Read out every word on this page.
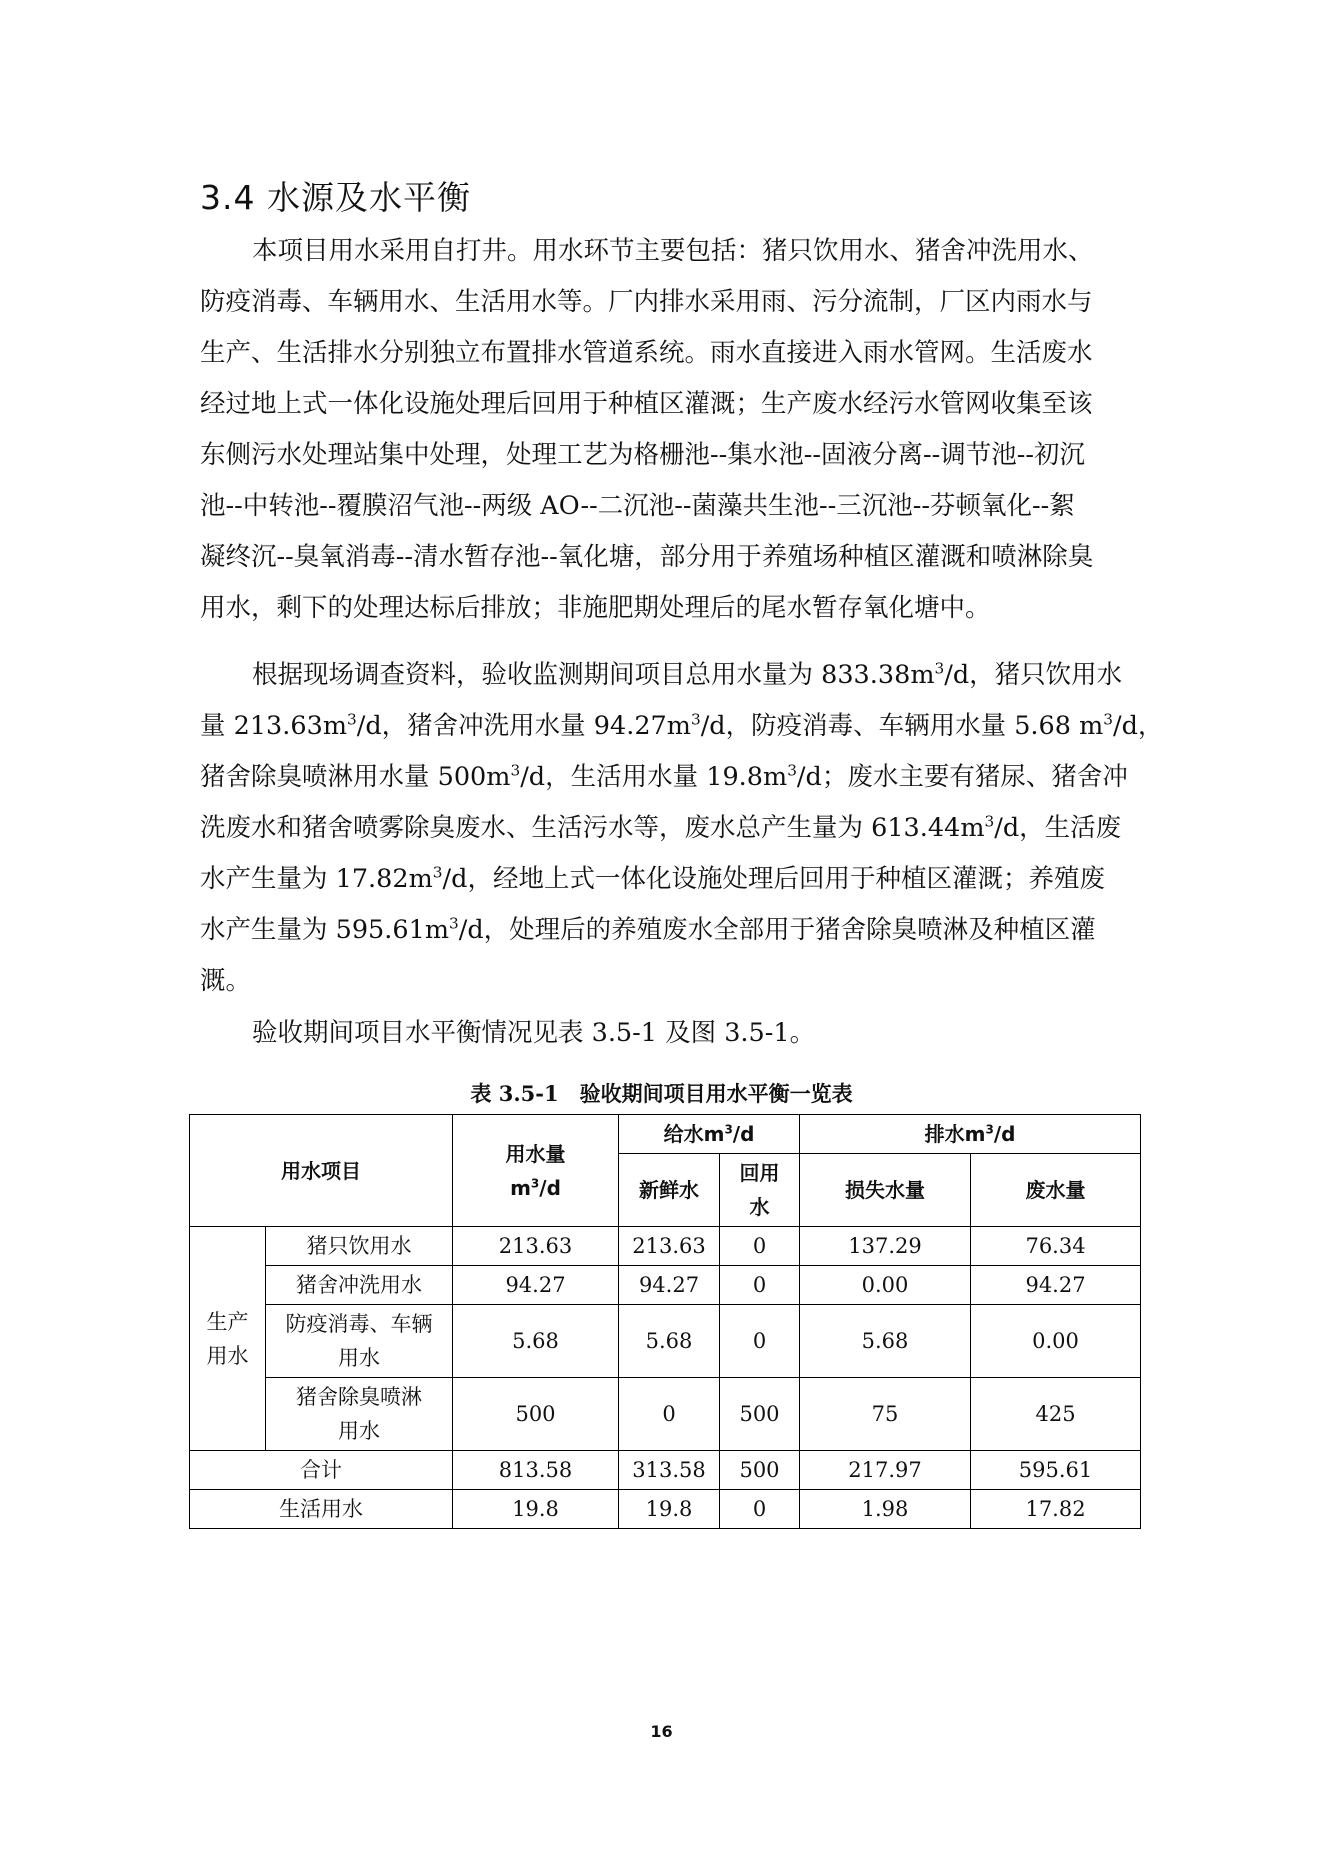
3.4 水源及水平衡

本项目用水采用自打井。用水环节主要包括：猪只饮用水、猪舍冲洗用水、
防疫消毒、车辆用水、生活用水等。厂内排水采用雨、污分流制，厂区内雨水与
生产、生活排水分别独立布置排水管道系统。雨水直接进入雨水管网。生活废水
经过地上式一体化设施处理后回用于种植区灌溉；生产废水经污水管网收集至该
东侧污水处理站集中处理，处理工艺为格栅池--集水池--固液分离--调节池--初沉
池--中转池--覆膜沼气池--两级 AO--二沉池--菌藻共生池--三沉池--芬顿氧化--絮
凝终沉--臭氧消毒--清水暂存池--氧化塘，部分用于养殖场种植区灌溉和喷淋除臭
用水，剩下的处理达标后排放；非施肥期处理后的尾水暂存氧化塘中。

根据现场调查资料，验收监测期间项目总用水量为 $833.38m^3/d$，猪只饮用水
量 $213.63m^3/d$，猪舍冲洗用水量 $94.27m^3/d$，防疫消毒、车辆用水量 5.68 $m^3/d$，
猪舍除臭喷淋用水量 $500m^3/d$，生活用水量 $19.8m^3/d$；废水主要有猪尿、猪舍冲
洗废水和猪舍喷雾除臭废水、生活污水等，废水总产生量为 $613.44m^3/d$，生活废
水产生量为 $17.82m^3/d$，经地上式一体化设施处理后回用于种植区灌溉；养殖废
水产生量为 $595.61m^3/d$，处理后的养殖废水全部用于猪舍除臭喷淋及种植区灌
溉。

验收期间项目水平衡情况见表 3.5-1 及图 3.5-1。

表 3.5-1　验收期间项目用水平衡一览表

用水项目		用水量
$m^3/d$	给水$m^3/d$		排水$m^3/d$	
			新鲜水	回用
水	损失水量	废水量
生产
用水	猪只饮用水	213.63	213.63	0	137.29	76.34
	猪舍冲洗用水	94.27	94.27	0	0.00	94.27
	防疫消毒、车辆
用水	5.68	5.68	0	5.68	0.00
	猪舍除臭喷淋
用水	500	0	500	75	425
合计		813.58	313.58	500	217.97	595.61
生活用水		19.8	19.8	0	1.98	17.82

16
